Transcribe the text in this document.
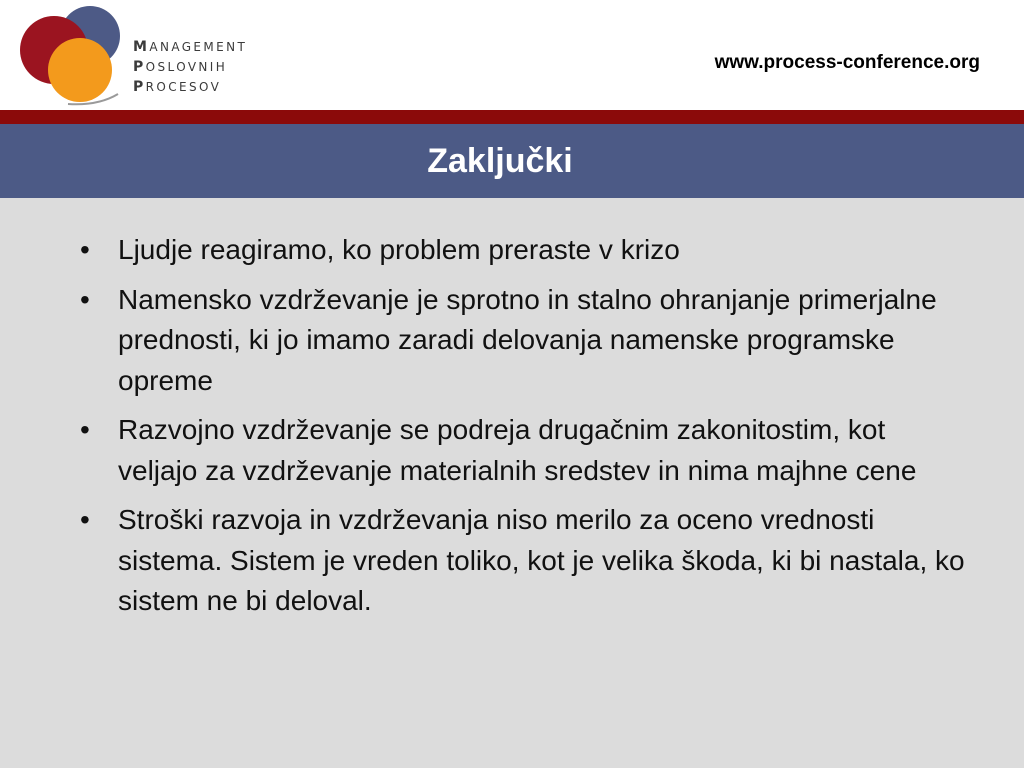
MANAGEMENT
POSLOVNIH
PROCESOV
www.process-conference.org
Zaključki
• Ljudje reagiramo, ko problem preraste v krizo
• Namensko vzdrževanje je sprotno in stalno ohranjanje primerjalne prednosti, ki jo imamo zaradi delovanja namenske programske opreme
• Razvojno vzdrževanje se podreja drugačnim zakonitostim, kot veljajo za vzdrževanje materialnih sredstev in nima majhne cene
• Stroški razvoja in vzdrževanja niso merilo za oceno vrednosti sistema. Sistem je vreden toliko, kot je velika škoda, ki bi nastala, ko sistem ne bi deloval.
